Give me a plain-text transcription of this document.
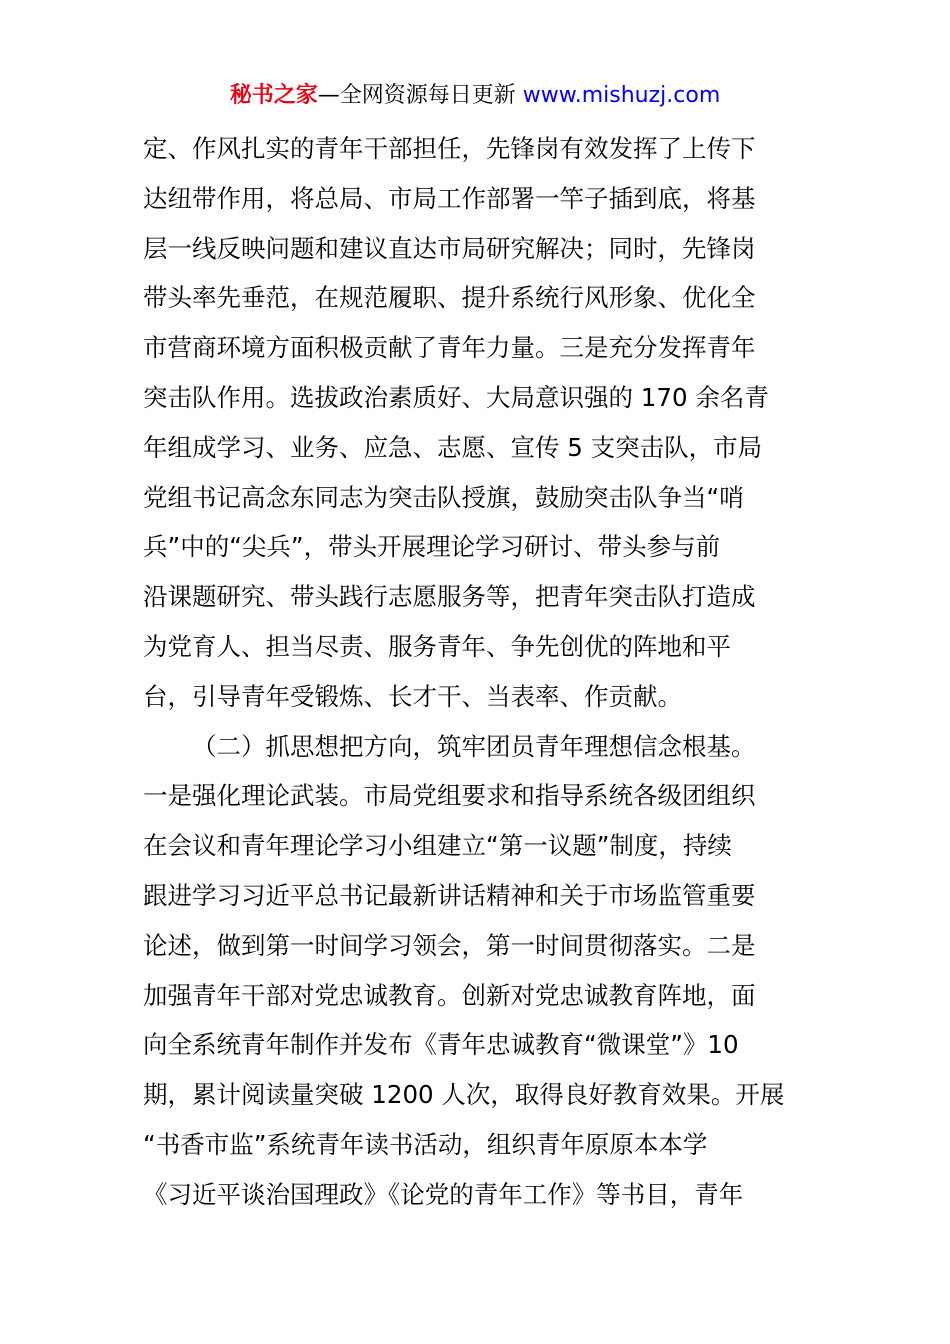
秘书之家—全网资源每日更新 www.mishuzj.com
定、作风扎实的青年干部担任，先锋岗有效发挥了上传下
达纽带作用，将总局、市局工作部署一竿子插到底，将基
层一线反映问题和建议直达市局研究解决；同时，先锋岗
带头率先垂范，在规范履职、提升系统行风形象、优化全
市营商环境方面积极贡献了青年力量。三是充分发挥青年
突击队作用。选拔政治素质好、大局意识强的 170 余名青
年组成学习、业务、应急、志愿、宣传 5 支突击队，市局
党组书记高念东同志为突击队授旗，鼓励突击队争当“哨
兵”中的“尖兵”，带头开展理论学习研讨、带头参与前
沿课题研究、带头践行志愿服务等，把青年突击队打造成
为党育人、担当尽责、服务青年、争先创优的阵地和平
台，引导青年受锻炼、长才干、当表率、作贡献。
（二）抓思想把方向，筑牢团员青年理想信念根基。
一是强化理论武装。市局党组要求和指导系统各级团组织
在会议和青年理论学习小组建立“第一议题”制度，持续
跟进学习习近平总书记最新讲话精神和关于市场监管重要
论述，做到第一时间学习领会，第一时间贯彻落实。二是
加强青年干部对党忠诚教育。创新对党忠诚教育阵地，面
向全系统青年制作并发布《青年忠诚教育“微课堂”》10
期，累计阅读量突破 1200 人次，取得良好教育效果。开展
“书香市监”系统青年读书活动，组织青年原原本本学
《习近平谈治国理政》《论党的青年工作》等书目，青年
